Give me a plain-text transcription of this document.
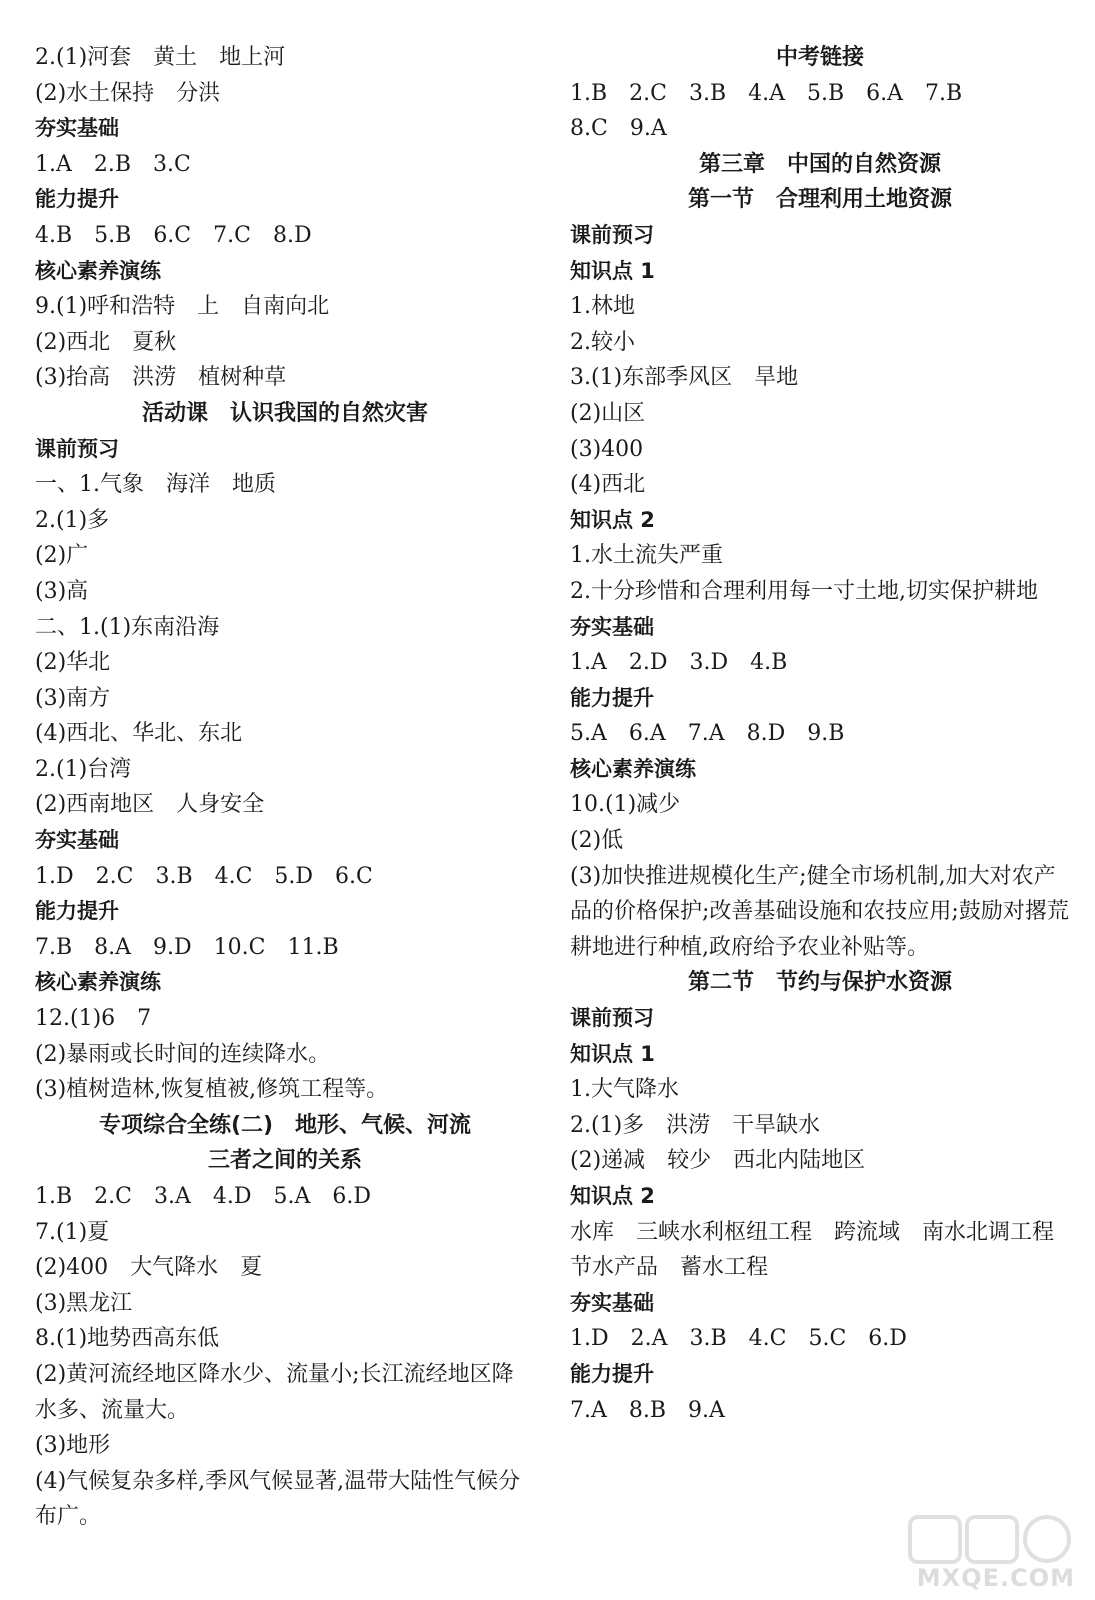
2.(1)河套　黄土　地上河
(2)水土保持　分洪
夯实基础
1.A　2.B　3.C
能力提升
4.B　5.B　6.C　7.C　8.D
核心素养演练
9.(1)呼和浩特　上　自南向北
(2)西北　夏秋
(3)抬高　洪涝　植树种草
活动课　认识我国的自然灾害
课前预习
一、1.气象　海洋　地质
2.(1)多
(2)广
(3)高
二、1.(1)东南沿海
(2)华北
(3)南方
(4)西北、华北、东北
2.(1)台湾
(2)西南地区　人身安全
夯实基础
1.D　2.C　3.B　4.C　5.D　6.C
能力提升
7.B　8.A　9.D　10.C　11.B
核心素养演练
12.(1)6　7
(2)暴雨或长时间的连续降水。
(3)植树造林,恢复植被,修筑工程等。
专项综合全练(二)　地形、气候、河流
三者之间的关系
1.B　2.C　3.A　4.D　5.A　6.D
7.(1)夏
(2)400　大气降水　夏
(3)黑龙江
8.(1)地势西高东低
(2)黄河流经地区降水少、流量小;长江流经地区降水多、流量大。
(3)地形
(4)气候复杂多样,季风气候显著,温带大陆性气候分布广。
中考链接
1.B　2.C　3.B　4.A　5.B　6.A　7.B
8.C　9.A
第三章　中国的自然资源
第一节　合理利用土地资源
课前预习
知识点 1
1.林地
2.较小
3.(1)东部季风区　旱地
(2)山区
(3)400
(4)西北
知识点 2
1.水土流失严重
2.十分珍惜和合理利用每一寸土地,切实保护耕地
夯实基础
1.A　2.D　3.D　4.B
能力提升
5.A　6.A　7.A　8.D　9.B
核心素养演练
10.(1)减少
(2)低
(3)加快推进规模化生产;健全市场机制,加大对农产品的价格保护;改善基础设施和农技应用;鼓励对撂荒耕地进行种植,政府给予农业补贴等。
第二节　节约与保护水资源
课前预习
知识点 1
1.大气降水
2.(1)多　洪涝　干旱缺水
(2)递减　较少　西北内陆地区
知识点 2
水库　三峡水利枢纽工程　跨流域　南水北调工程　节水产品　蓄水工程
夯实基础
1.D　2.A　3.B　4.C　5.C　6.D
能力提升
7.A　8.B　9.A
MXQE.COM
